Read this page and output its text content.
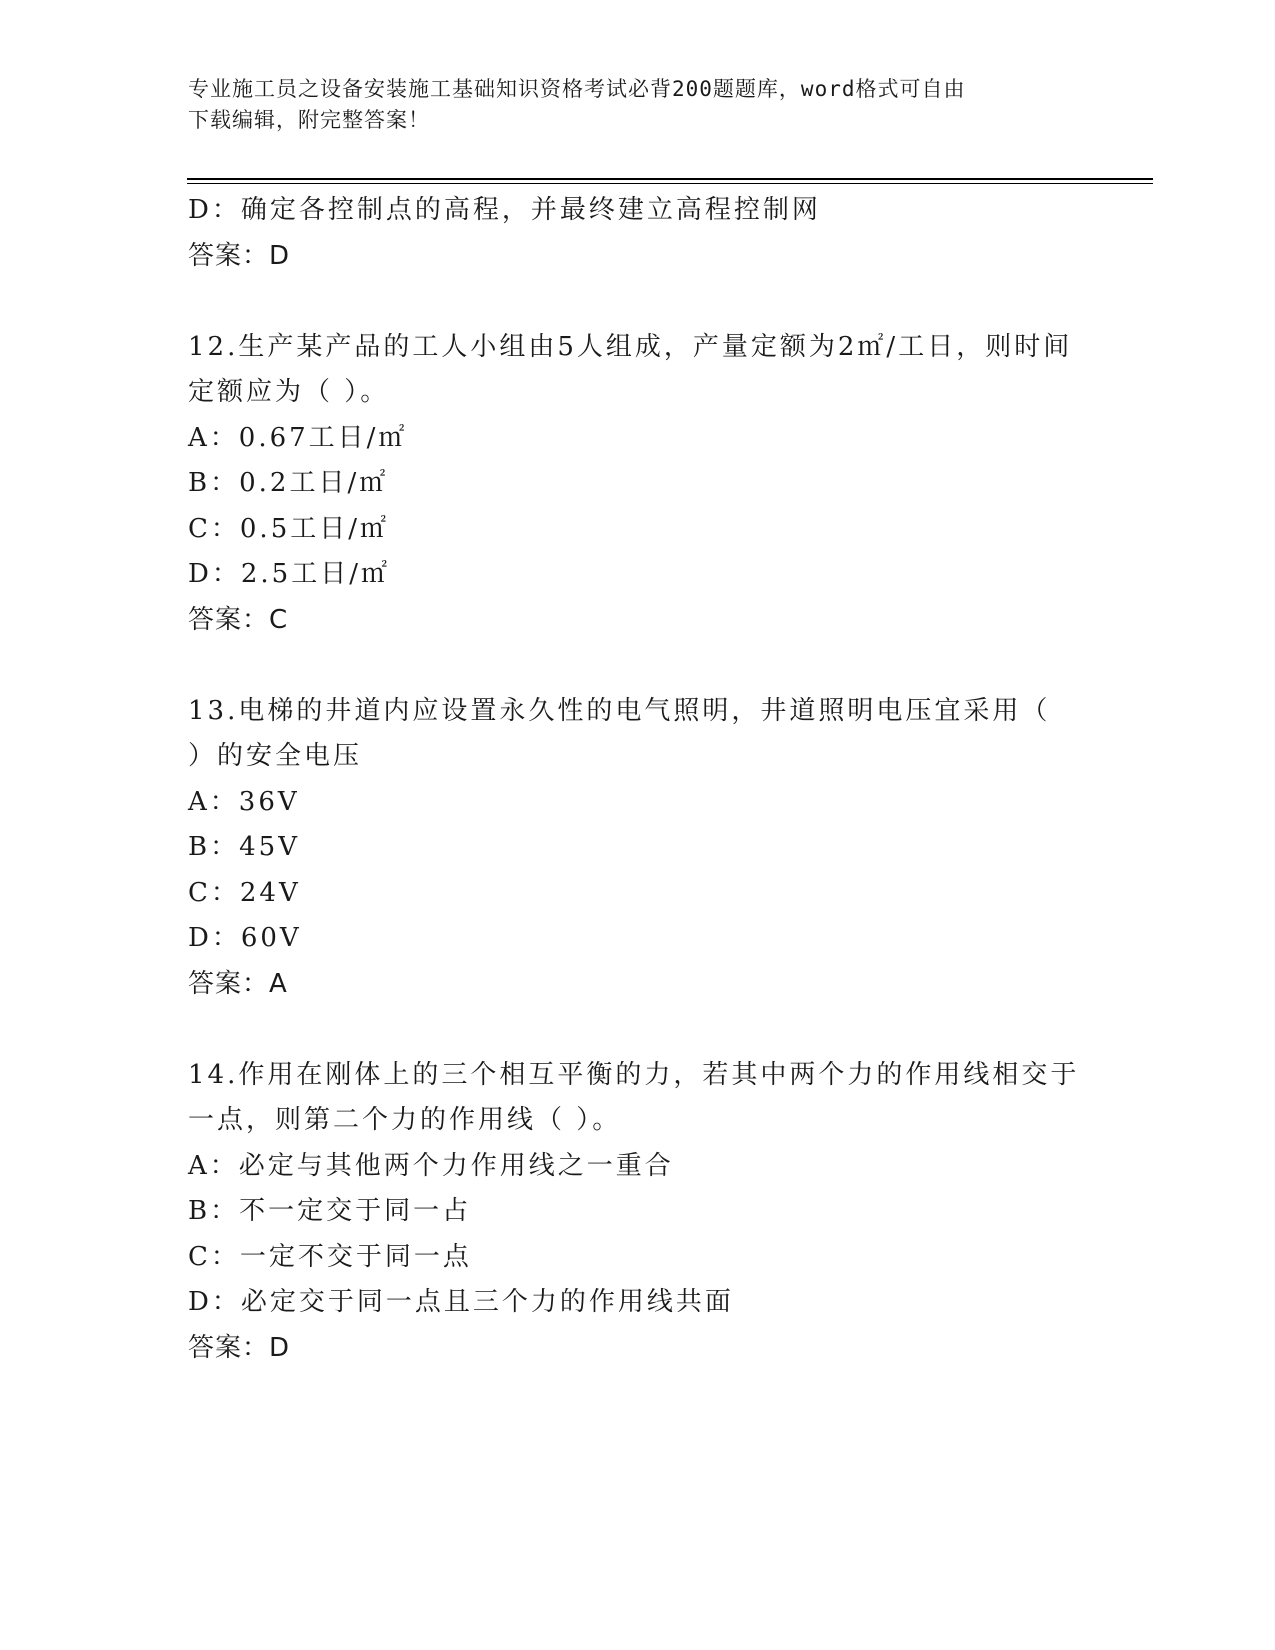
专业施工员之设备安装施工基础知识资格考试必背200题题库，word格式可自由
下载编辑，附完整答案！
D：确定各控制点的高程，并最终建立高程控制网
答案：D
12.生产某产品的工人小组由5人组成，产量定额为2㎡/工日，则时间
定额应为（ ）。
A：0.67工日/㎡
B：0.2工日/㎡
C：0.5工日/㎡
D：2.5工日/㎡
答案：C
13.电梯的井道内应设置永久性的电气照明，井道照明电压宜采用（
）的安全电压
A：36V
B：45V
C：24V
D：60V
答案：A
14.作用在刚体上的三个相互平衡的力，若其中两个力的作用线相交于
一点，则第二个力的作用线（ ）。
A：必定与其他两个力作用线之一重合
B：不一定交于同一占
C：一定不交于同一点
D：必定交于同一点且三个力的作用线共面
答案：D
